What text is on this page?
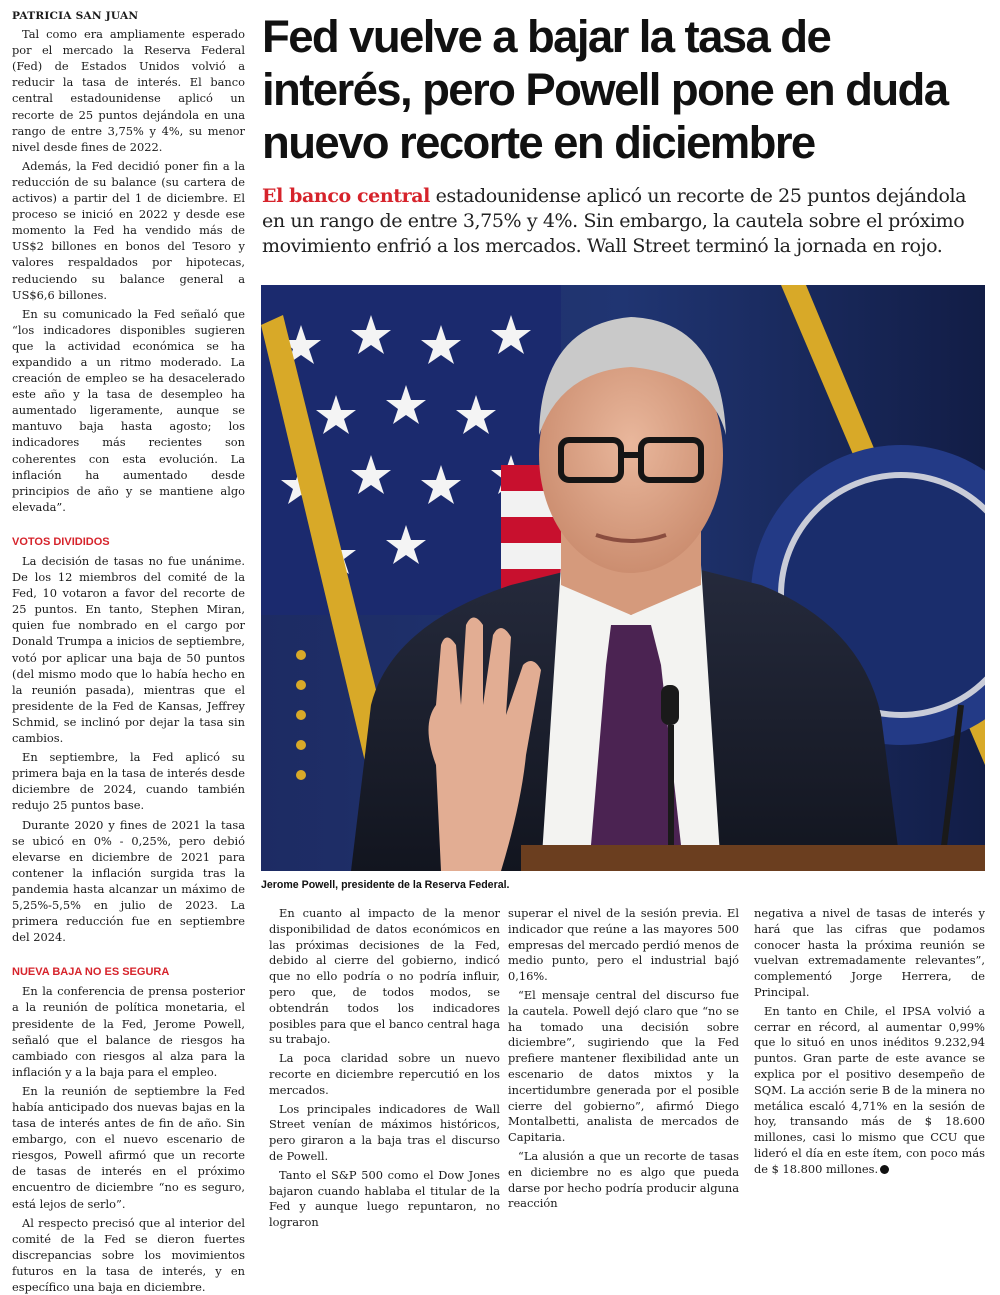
PATRICIA SAN JUAN

Tal como era ampliamente esperado por el mercado la Reserva Federal (Fed) de Estados Unidos volvió a reducir la tasa de interés. El banco central estadounidense aplicó un recorte de 25 puntos dejándola en una rango de entre 3,75% y 4%, su menor nivel desde fines de 2022.

Además, la Fed decidió poner fin a la reducción de su balance (su cartera de activos) a partir del 1 de diciembre. El proceso se inició en 2022 y desde ese momento la Fed ha vendido más de US$2 billones en bonos del Tesoro y valores respaldados por hipotecas, reduciendo su balance general a US$6,6 billones.

En su comunicado la Fed señaló que “los indicadores disponibles sugieren que la actividad económica se ha expandido a un ritmo moderado. La creación de empleo se ha desacelerado este año y la tasa de desempleo ha aumentado ligeramente, aunque se mantuvo baja hasta agosto; los indicadores más recientes son coherentes con esta evolución. La inflación ha aumentado desde principios de año y se mantiene algo elevada”.

VOTOS DIVIDIDOS

La decisión de tasas no fue unánime. De los 12 miembros del comité de la Fed, 10 votaron a favor del recorte de 25 puntos. En tanto, Stephen Miran, quien fue nombrado en el cargo por Donald Trumpa a inicios de septiembre, votó por aplicar una baja de 50 puntos (del mismo modo que lo había hecho en la reunión pasada), mientras que el presidente de la Fed de Kansas, Jeffrey Schmid, se inclinó por dejar la tasa sin cambios.

En septiembre, la Fed aplicó su primera baja en la tasa de interés desde diciembre de 2024, cuando también redujo 25 puntos base.

Durante 2020 y fines de 2021 la tasa se ubicó en 0% - 0,25%, pero debió elevarse en diciembre de 2021 para contener la inflación surgida tras la pandemia hasta alcanzar un máximo de 5,25%-5,5% en julio de 2023. La primera reducción fue en septiembre del 2024.

NUEVA BAJA NO ES SEGURA

En la conferencia de prensa posterior a la reunión de política monetaria, el presidente de la Fed, Jerome Powell, señaló que el balance de riesgos ha cambiado con riesgos al alza para la inflación y a la baja para el empleo.

En la reunión de septiembre la Fed había anticipado dos nuevas bajas en la tasa de interés antes de fin de año. Sin embargo, con el nuevo escenario de riesgos, Powell afirmó que un recorte de tasas de interés en el próximo encuentro de diciembre “no es seguro, está lejos de serlo”.

Al respecto precisó que al interior del comité de la Fed se dieron fuertes discrepancias sobre los movimientos futuros en la tasa de interés, y en específico una baja en diciembre.

Fed vuelve a bajar la tasa de interés, pero Powell pone en duda nuevo recorte en diciembre

El banco central estadounidense aplicó un recorte de 25 puntos dejándola en un rango de entre 3,75% y 4%. Sin embargo, la cautela sobre el próximo movimiento enfrió a los mercados. Wall Street terminó la jornada en rojo.

Jerome Powell, presidente de la Reserva Federal.

En cuanto al impacto de la menor disponibilidad de datos económicos en las próximas decisiones de la Fed, debido al cierre del gobierno, indicó que no ello podría o no podría influir, pero que, de todos modos, se obtendrán todos los indicadores posibles para que el banco central haga su trabajo.

La poca claridad sobre un nuevo recorte en diciembre repercutió en los mercados.

Los principales indicadores de Wall Street venían de máximos históricos, pero giraron a la baja tras el discurso de Powell.

Tanto el S&P 500 como el Dow Jones bajaron cuando hablaba el titular de la Fed y aunque luego repuntaron, no lograron

superar el nivel de la sesión previa. El indicador que reúne a las mayores 500 empresas del mercado perdió menos de medio punto, pero el industrial bajó 0,16%.

“El mensaje central del discurso fue la cautela. Powell dejó claro que “no se ha tomado una decisión sobre diciembre”, sugiriendo que la Fed prefiere mantener flexibilidad ante un escenario de datos mixtos y la incertidumbre generada por el posible cierre del gobierno”, afirmó Diego Montalbetti, analista de mercados de Capitaria.

“La alusión a que un recorte de tasas en diciembre no es algo que pueda darse por hecho podría producir alguna reacción

negativa a nivel de tasas de interés y hará que las cifras que podamos conocer hasta la próxima reunión se vuelvan extremadamente relevantes”, complementó Jorge Herrera, de Principal.

En tanto en Chile, el IPSA volvió a cerrar en récord, al aumentar 0,99% que lo situó en unos inéditos 9.232,94 puntos. Gran parte de este avance se explica por el positivo desempeño de SQM. La acción serie B de la minera no metálica escaló 4,71% en la sesión de hoy, transando más de $ 18.600 millones, casi lo mismo que CCU que lideró el día en este ítem, con poco más de $ 18.800 millones.
